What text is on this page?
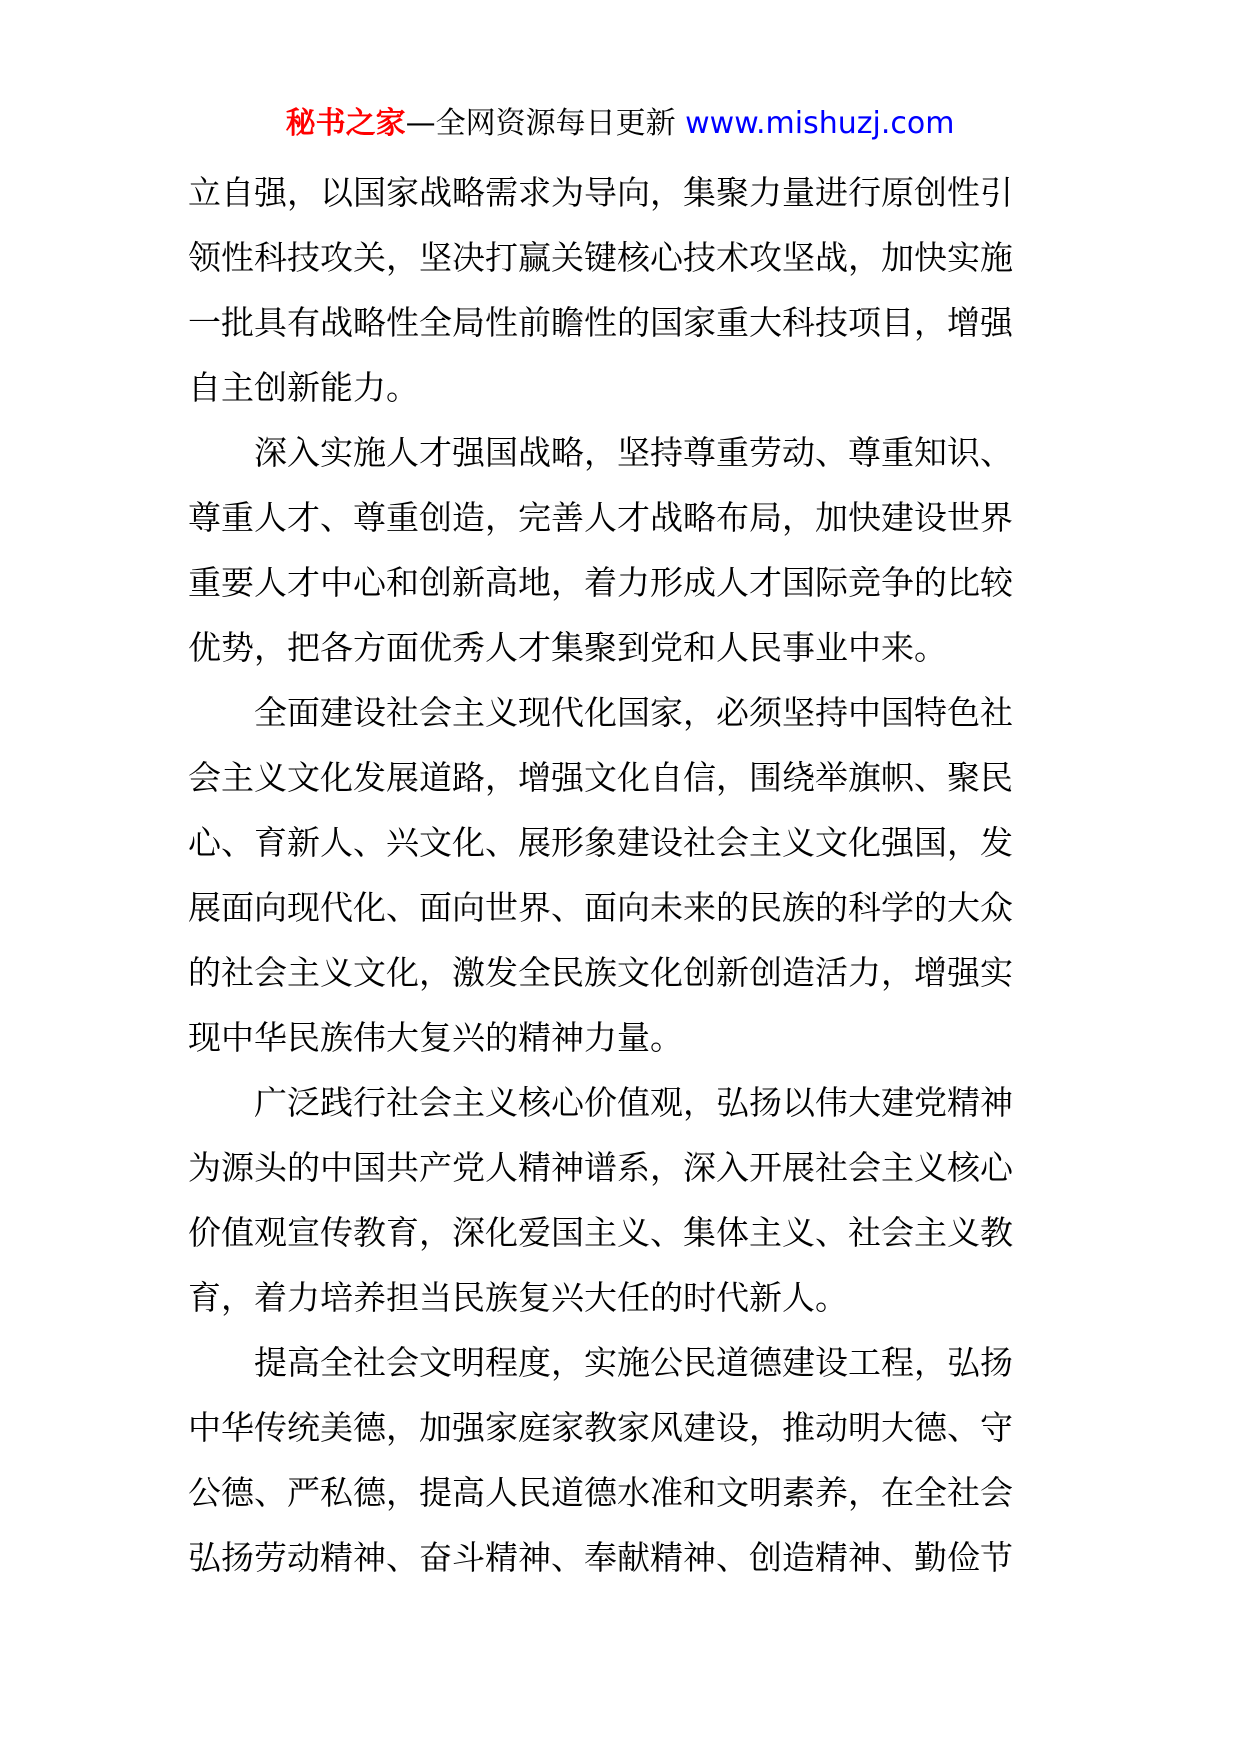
秘书之家—全网资源每日更新 www.mishuzj.com
立自强，以国家战略需求为导向，集聚力量进行原创性引
领性科技攻关，坚决打赢关键核心技术攻坚战，加快实施
一批具有战略性全局性前瞻性的国家重大科技项目，增强
自主创新能力。
深入实施人才强国战略，坚持尊重劳动、尊重知识、
尊重人才、尊重创造，完善人才战略布局，加快建设世界
重要人才中心和创新高地，着力形成人才国际竞争的比较
优势，把各方面优秀人才集聚到党和人民事业中来。
全面建设社会主义现代化国家，必须坚持中国特色社
会主义文化发展道路，增强文化自信，围绕举旗帜、聚民
心、育新人、兴文化、展形象建设社会主义文化强国，发
展面向现代化、面向世界、面向未来的民族的科学的大众
的社会主义文化，激发全民族文化创新创造活力，增强实
现中华民族伟大复兴的精神力量。
广泛践行社会主义核心价值观，弘扬以伟大建党精神
为源头的中国共产党人精神谱系，深入开展社会主义核心
价值观宣传教育，深化爱国主义、集体主义、社会主义教
育，着力培养担当民族复兴大任的时代新人。
提高全社会文明程度，实施公民道德建设工程，弘扬
中华传统美德，加强家庭家教家风建设，推动明大德、守
公德、严私德，提高人民道德水准和文明素养，在全社会
弘扬劳动精神、奋斗精神、奉献精神、创造精神、勤俭节
